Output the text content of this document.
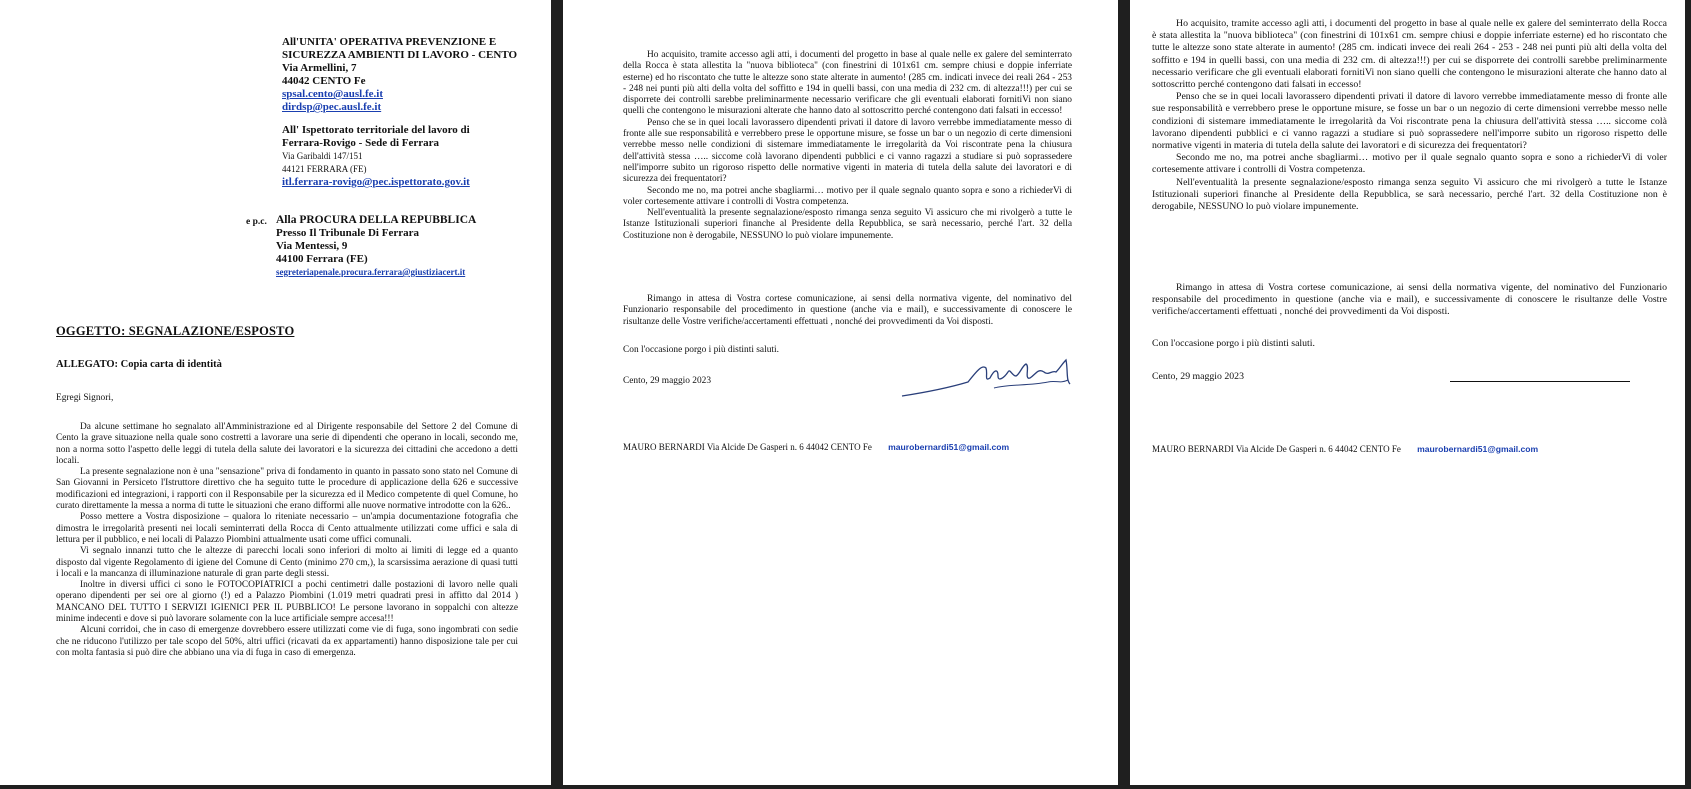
All'UNITA' OPERATIVA PREVENZIONE E
SICUREZZA AMBIENTI DI LAVORO - CENTO
Via Armellini, 7
44042 CENTO Fe
spsal.cento@ausl.fe.it
dirdsp@pec.ausl.fe.it
All' Ispettorato territoriale del lavoro di
Ferrara-Rovigo - Sede di Ferrara
Via Garibaldi 147/151
44121 FERRARA (FE)
itl.ferrara-rovigo@pec.ispettorato.gov.it
e p.c. Alla PROCURA DELLA REPUBBLICA
Presso Il Tribunale Di Ferrara
Via Mentessi, 9
44100 Ferrara (FE)
segreteriapenale.procura.ferrara@giustiziacert.it
OGGETTO: SEGNALAZIONE/ESPOSTO
ALLEGATO: Copia carta di identità
Egregi Signori,

Da alcune settimane ho segnalato all'Amministrazione ed al Dirigente responsabile del Settore 2 del Comune di Cento la grave situazione nella quale sono costretti a lavorare una serie di dipendenti che operano in locali, secondo me, non a norma sotto l'aspetto delle leggi di tutela della salute dei lavoratori e la sicurezza dei cittadini che accedono a detti locali.

La presente segnalazione non è una "sensazione" priva di fondamento in quanto in passato sono stato nel Comune di San Giovanni in Persiceto l'Istruttore direttivo che ha seguito tutte le procedure di applicazione della 626 e successive modificazioni ed integrazioni, i rapporti con il Responsabile per la sicurezza ed il Medico competente di quel Comune, ho curato direttamente la messa a norma di tutte le situazioni che erano difformi alle nuove normative introdotte con la 626..

Posso mettere a Vostra disposizione – qualora lo riteniate necessario – un'ampia documentazione fotografia che dimostra le irregolarità presenti nei locali seminterrati della Rocca di Cento attualmente utilizzati come uffici e sala di lettura per il pubblico, e nei locali di Palazzo Piombini attualmente usati come uffici comunali.

Vi segnalo innanzi tutto che le altezze di parecchi locali sono inferiori di molto ai limiti di legge ed a quanto disposto dal vigente Regolamento di igiene del Comune di Cento (minimo 270 cm,), la scarsissima aerazione di quasi tutti i locali e la mancanza di illuminazione naturale di gran parte degli stessi.

Inoltre in diversi uffici ci sono le FOTOCOPIATRICI a pochi centimetri dalle postazioni di lavoro nelle quali operano dipendenti per sei ore al giorno (!) ed a Palazzo Piombini (1.019 metri quadrati presi in affitto dal 2014 ) MANCANO DEL TUTTO I SERVIZI IGIENICI PER IL PUBBLICO! Le persone lavorano in soppalchi con altezze minime indecenti e dove si può lavorare solamente con la luce artificiale sempre accesa!!!

Alcuni corridoi, che in caso di emergenze dovrebbero essere utilizzati come vie di fuga, sono ingombrati con sedie che ne riducono l'utilizzo per tale scopo del 50%, altri uffici (ricavati da ex appartamenti) hanno disposizione tale per cui con molta fantasia si può dire che abbiano una via di fuga in caso di emergenza.

Ho acquisito, tramite accesso agli atti, i documenti del progetto in base al quale nelle ex galere del seminterrato della Rocca è stata allestita la "nuova biblioteca" (con finestrini di 101x61 cm. sempre chiusi e doppie inferriate esterne) ed ho riscontato che tutte le altezze sono state alterate in aumento! (285 cm. indicati invece dei reali 264 - 253 - 248 nei punti più alti della volta del soffitto e 194 in quelli bassi, con una media di 232 cm. di altezza!!!) per cui se disporrete dei controlli sarebbe preliminarmente necessario verificare che gli eventuali elaborati fornitiVi non siano quelli che contengono le misurazioni alterate che hanno dato al sottoscritto perché contengono dati falsati in eccesso!

Penso che se in quei locali lavorassero dipendenti privati il datore di lavoro verrebbe immediatamente messo di fronte alle sue responsabilità e verrebbero prese le opportune misure, se fosse un bar o un negozio di certe dimensioni verrebbe messo nelle condizioni di sistemare immediatamente le irregolarità da Voi riscontrate pena la chiusura dell'attività stessa ….. siccome colà lavorano dipendenti pubblici e ci vanno ragazzi a studiare si può soprassedere nell'imporre subito un rigoroso rispetto delle normative vigenti in materia di tutela della salute dei lavoratori e di sicurezza dei frequentatori?

Secondo me no, ma potrei anche sbagliarmi… motivo per il quale segnalo quanto sopra e sono a richiederVi di voler cortesemente attivare i controlli di Vostra competenza.

Nell'eventualità la presente segnalazione/esposto rimanga senza seguito Vi assicuro che mi rivolgerò a tutte le Istanze Istituzionali superiori finanche al Presidente della Repubblica, se sarà necessario, perché l'art. 32 della Costituzione non è derogabile, NESSUNO lo può violare impunemente.

Rimango in attesa di Vostra cortese comunicazione, ai sensi della normativa vigente, del nominativo del Funzionario responsabile del procedimento in questione (anche via e mail), e successivamente di conoscere le risultanze delle Vostre verifiche/accertamenti effettuati , nonché dei provvedimenti da Voi disposti.

Con l'occasione porgo i più distinti saluti.
Cento, 29 maggio 2023
MAURO BERNARDI Via Alcide De Gasperi n. 6 44042 CENTO Fe maurobernardi51@gmail.com

Ho acquisito, tramite accesso agli atti, i documenti del progetto in base al quale nelle ex galere del seminterrato della Rocca è stata allestita la "nuova biblioteca" (con finestrini di 101x61 cm. sempre chiusi e doppie inferriate esterne) ed ho riscontato che tutte le altezze sono state alterate in aumento! (285 cm. indicati invece dei reali 264 - 253 - 248 nei punti più alti della volta del soffitto e 194 in quelli bassi, con una media di 232 cm. di altezza!!!) per cui se disporrete dei controlli sarebbe preliminarmente necessario verificare che gli eventuali elaborati fornitiVi non siano quelli che contengono le misurazioni alterate che hanno dato al sottoscritto perché contengono dati falsati in eccesso!

Penso che se in quei locali lavorassero dipendenti privati il datore di lavoro verrebbe immediatamente messo di fronte alle sue responsabilità e verrebbero prese le opportune misure, se fosse un bar o un negozio di certe dimensioni verrebbe messo nelle condizioni di sistemare immediatamente le irregolarità da Voi riscontrate pena la chiusura dell'attività stessa ….. siccome colà lavorano dipendenti pubblici e ci vanno ragazzi a studiare si può soprassedere nell'imporre subito un rigoroso rispetto delle normative vigenti in materia di tutela della salute dei lavoratori e di sicurezza dei frequentatori?

Secondo me no, ma potrei anche sbagliarmi… motivo per il quale segnalo quanto sopra e sono a richiederVi di voler cortesemente attivare i controlli di Vostra competenza.

Nell'eventualità la presente segnalazione/esposto rimanga senza seguito Vi assicuro che mi rivolgerò a tutte le Istanze Istituzionali superiori finanche al Presidente della Repubblica, se sarà necessario, perché l'art. 32 della Costituzione non è derogabile, NESSUNO lo può violare impunemente.

Rimango in attesa di Vostra cortese comunicazione, ai sensi della normativa vigente, del nominativo del Funzionario responsabile del procedimento in questione (anche via e mail), e successivamente di conoscere le risultanze delle Vostre verifiche/accertamenti effettuati , nonché dei provvedimenti da Voi disposti.

Con l'occasione porgo i più distinti saluti.
Cento, 29 maggio 2023
MAURO BERNARDI Via Alcide De Gasperi n. 6 44042 CENTO Fe maurobernardi51@gmail.com
